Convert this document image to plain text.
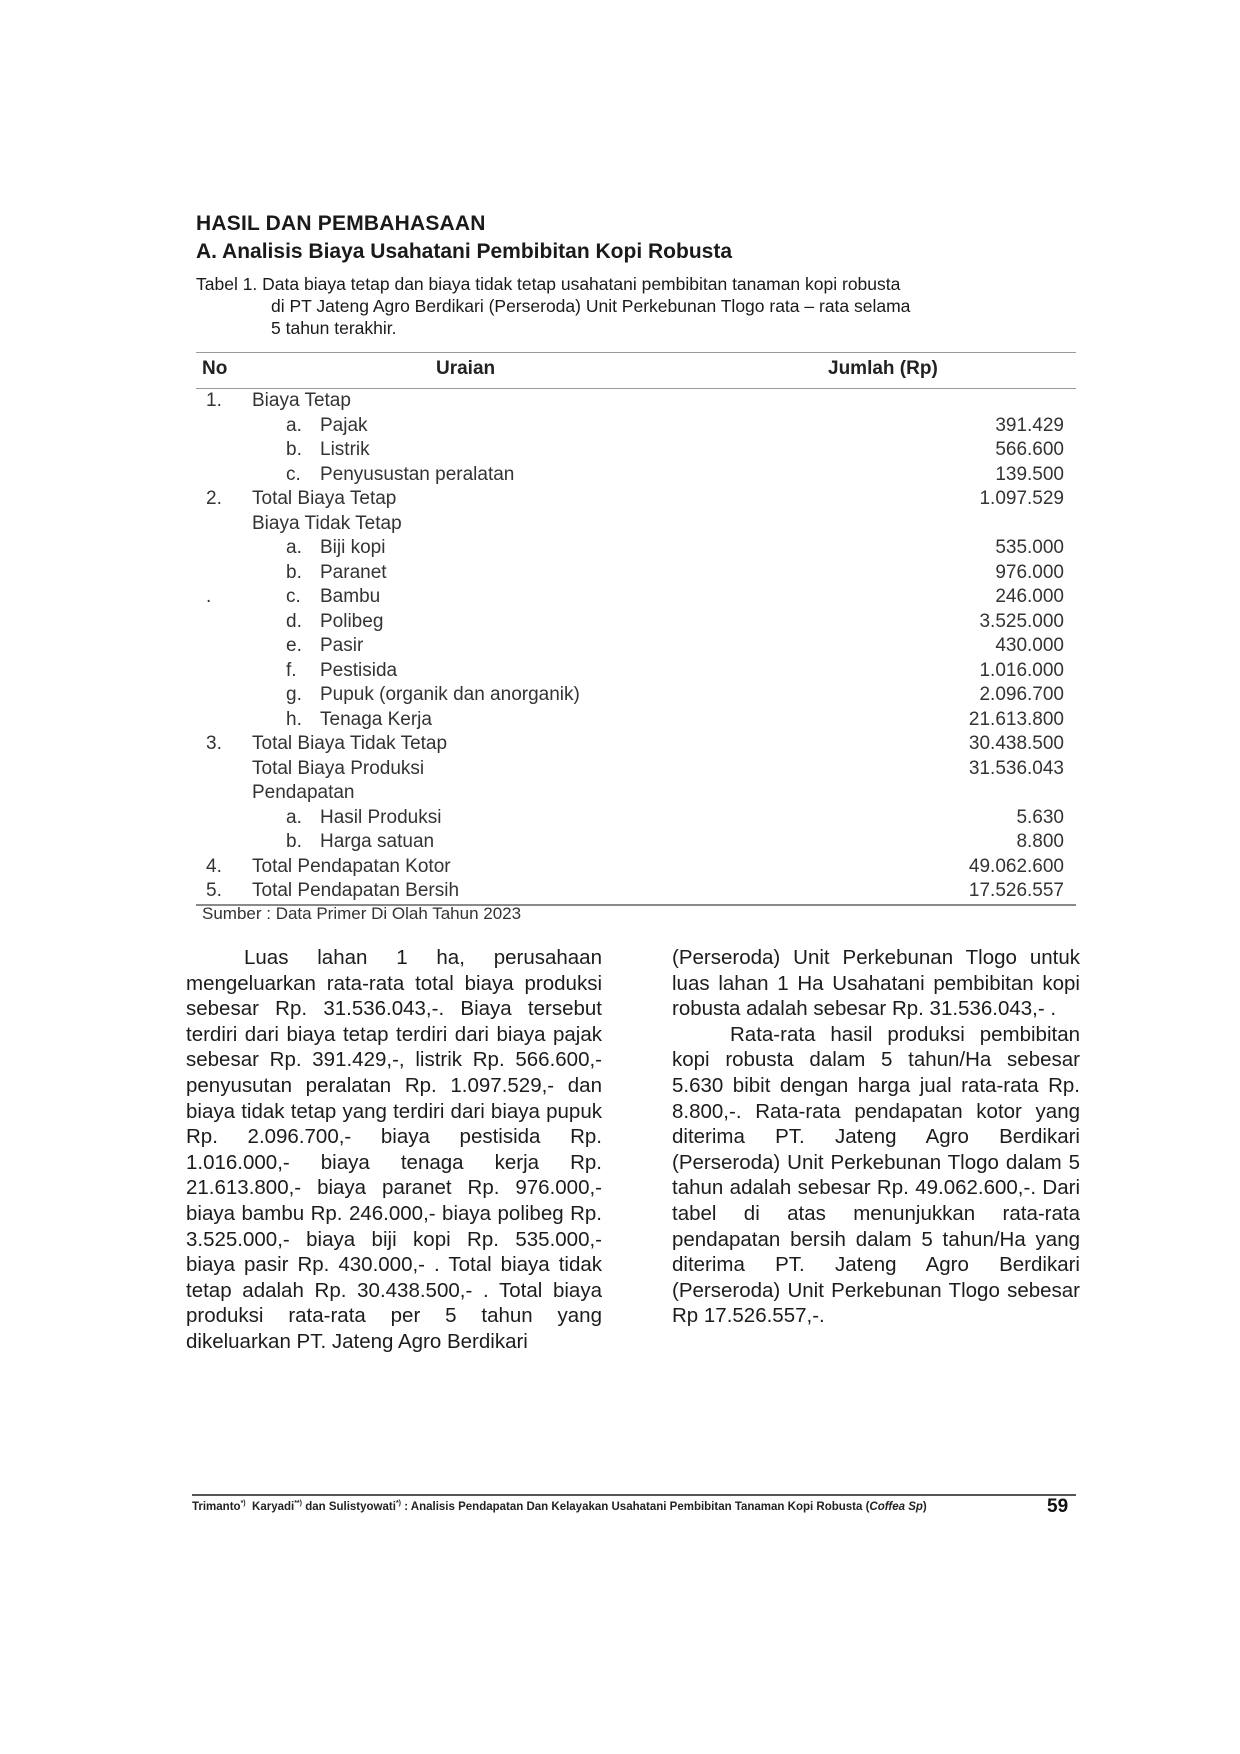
HASIL DAN PEMBAHASAAN
A. Analisis Biaya Usahatani Pembibitan Kopi Robusta
Tabel 1. Data biaya tetap dan biaya tidak tetap usahatani pembibitan tanaman kopi robusta
di PT Jateng Agro Berdikari (Perseroda) Unit Perkebunan Tlogo rata – rata selama
5 tahun terakhir.
No	Uraian	Jumlah (Rp)
1. Biaya Tetap
a. Pajak	391.429
b. Listrik	566.600
c. Penyusustan peralatan	139.500
2. Total Biaya Tetap	1.097.529
Biaya Tidak Tetap
a. Biji kopi	535.000
b. Paranet	976.000
.	c. Bambu	246.000
d. Polibeg	3.525.000
e. Pasir	430.000
f. Pestisida	1.016.000
g. Pupuk (organik dan anorganik)	2.096.700
h. Tenaga Kerja	21.613.800
3. Total Biaya Tidak Tetap	30.438.500
Total Biaya Produksi	31.536.043
Pendapatan
a. Hasil Produksi	5.630
b. Harga satuan	8.800
4. Total Pendapatan Kotor	49.062.600
5. Total Pendapatan Bersih	17.526.557
Sumber : Data Primer Di Olah Tahun 2023

Luas lahan 1 ha, perusahaan mengeluarkan rata-rata total biaya produksi sebesar Rp. 31.536.043,-. Biaya tersebut terdiri dari biaya tetap terdiri dari biaya pajak sebesar Rp. 391.429,-, listrik Rp. 566.600,- penyusutan peralatan Rp. 1.097.529,- dan biaya tidak tetap yang terdiri dari biaya pupuk Rp. 2.096.700,- biaya pestisida Rp. 1.016.000,- biaya tenaga kerja Rp. 21.613.800,- biaya paranet Rp. 976.000,- biaya bambu Rp. 246.000,- biaya polibeg Rp. 3.525.000,- biaya biji kopi Rp. 535.000,- biaya pasir Rp. 430.000,- . Total biaya tidak tetap adalah Rp. 30.438.500,- . Total biaya produksi rata-rata per 5 tahun yang dikeluarkan PT. Jateng Agro Berdikari

(Perseroda) Unit Perkebunan Tlogo untuk luas lahan 1 Ha Usahatani pembibitan kopi robusta adalah sebesar Rp. 31.536.043,- .

Rata-rata hasil produksi pembibitan kopi robusta dalam 5 tahun/Ha sebesar 5.630 bibit dengan harga jual rata-rata Rp. 8.800,-. Rata-rata pendapatan kotor yang diterima PT. Jateng Agro Berdikari (Perseroda) Unit Perkebunan Tlogo dalam 5 tahun adalah sebesar Rp. 49.062.600,-. Dari tabel di atas menunjukkan rata-rata pendapatan bersih dalam 5 tahun/Ha yang diterima PT. Jateng Agro Berdikari (Perseroda) Unit Perkebunan Tlogo sebesar Rp 17.526.557,-.

Trimanto*) Karyadi**) dan Sulistyowati*) : Analisis Pendapatan Dan Kelayakan Usahatani Pembibitan Tanaman Kopi Robusta (Coffea Sp)	59
